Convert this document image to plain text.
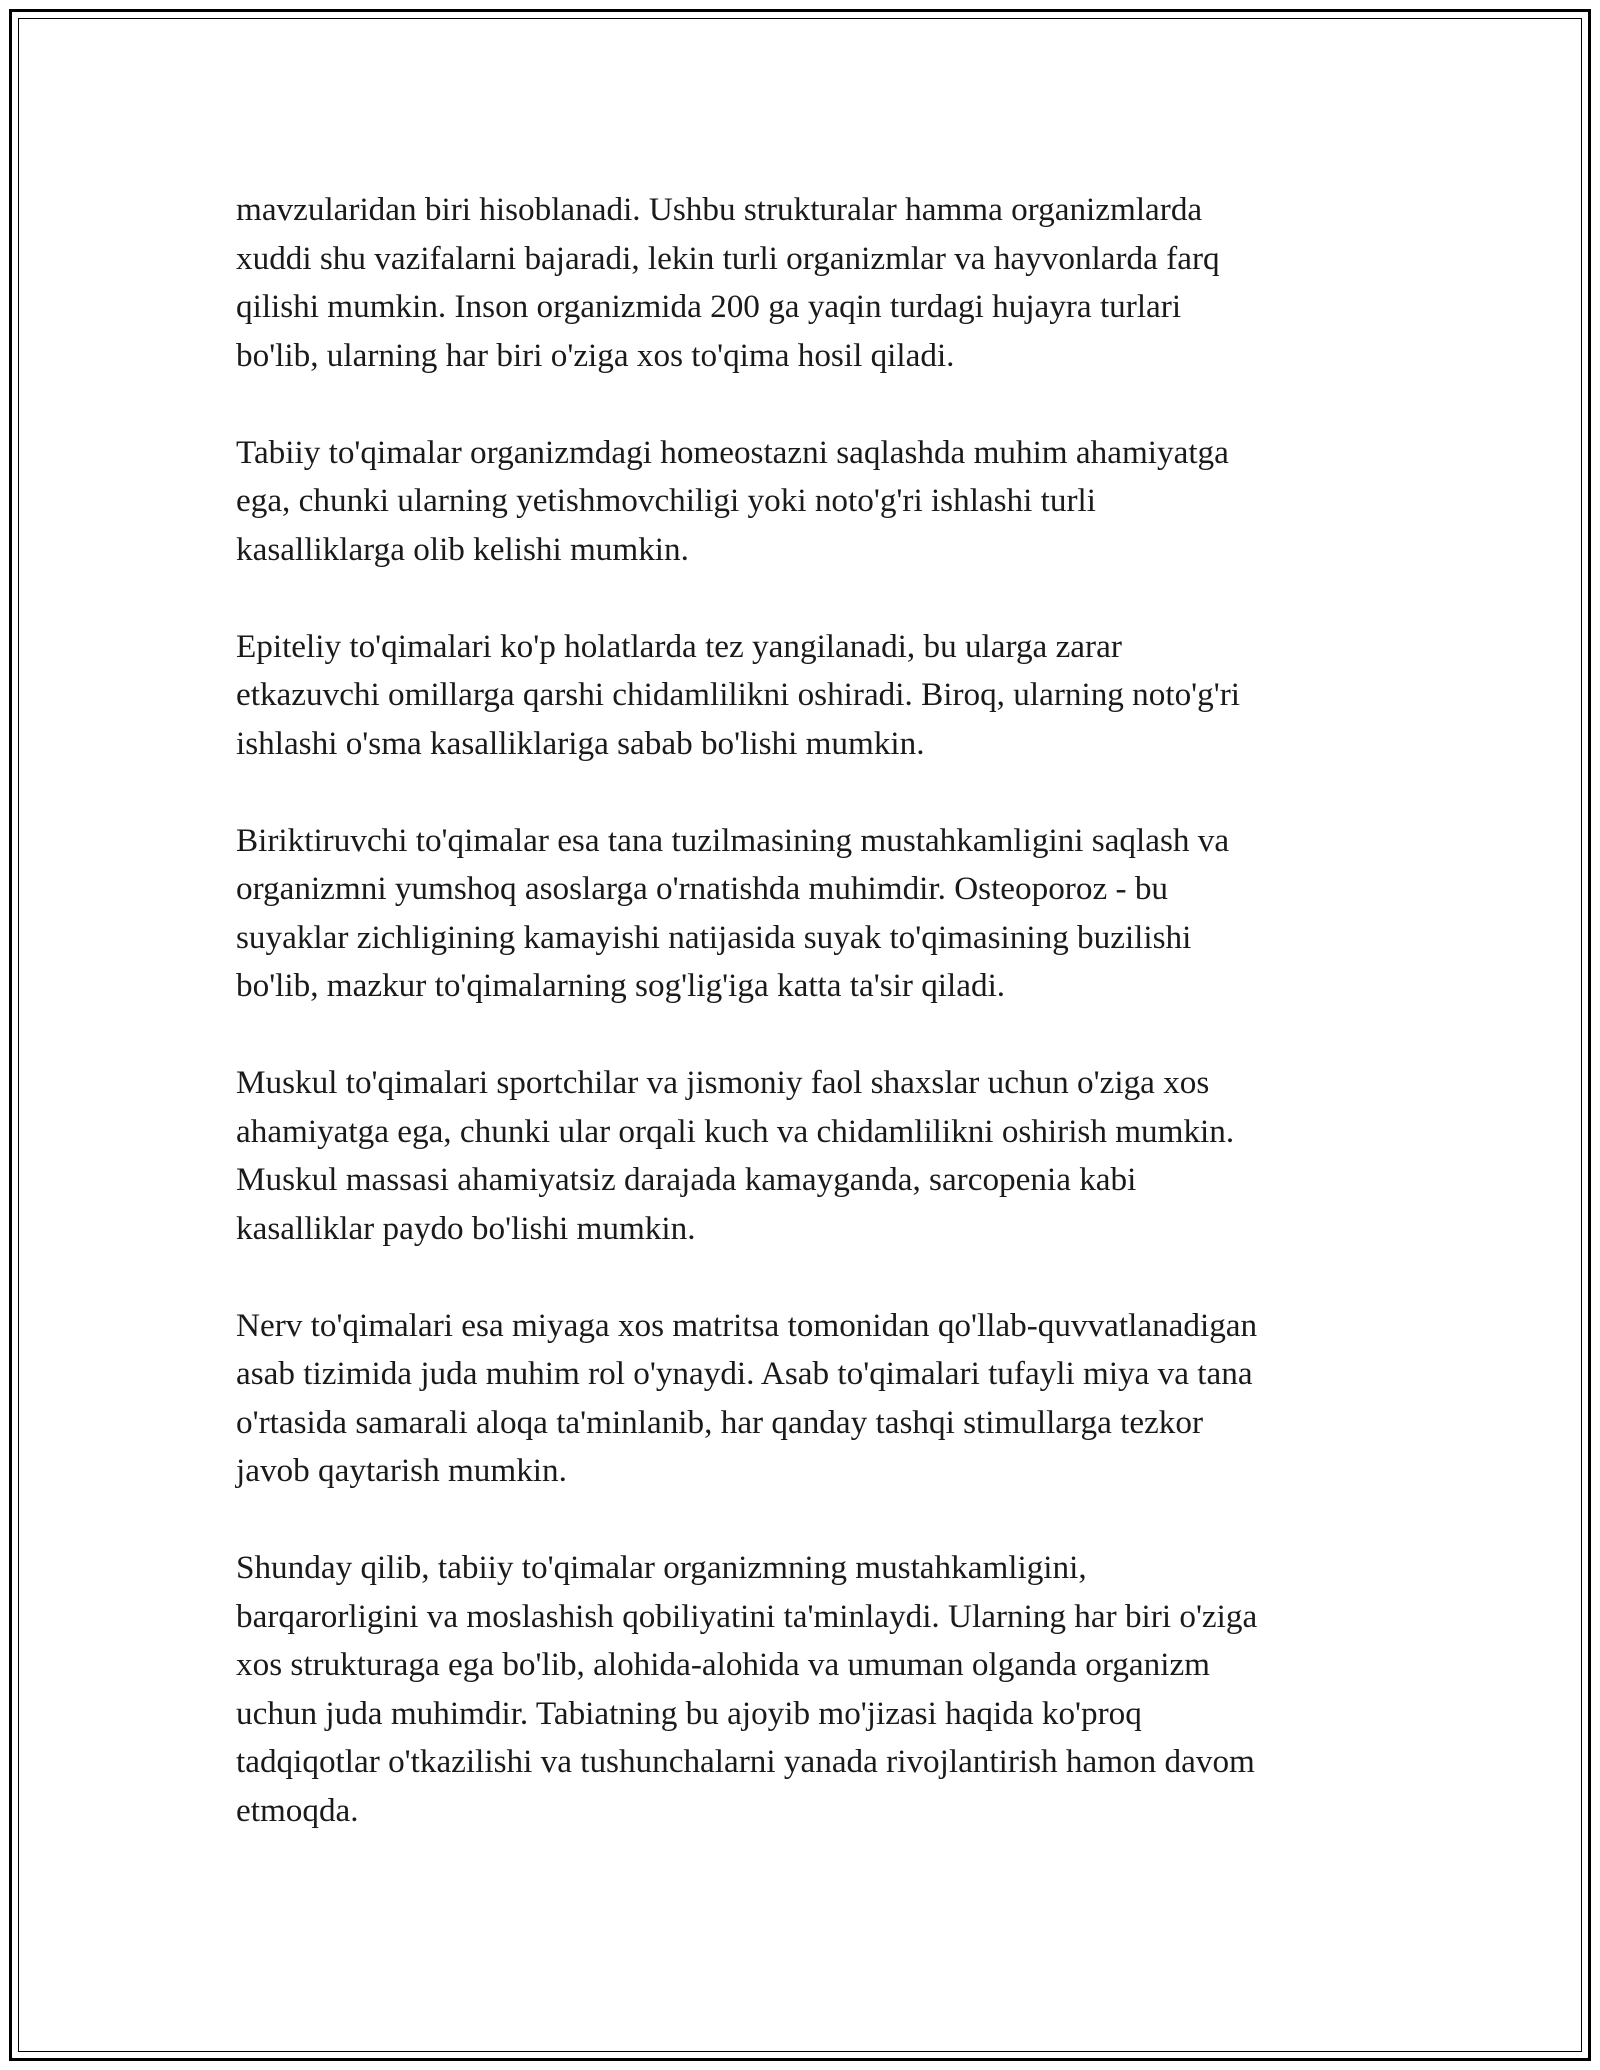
mavzularidan biri hisoblanadi. Ushbu strukturalar hamma organizmlarda
xuddi shu vazifalarni bajaradi, lekin turli organizmlar va hayvonlarda farq
qilishi mumkin. Inson organizmida 200 ga yaqin turdagi hujayra turlari
bo'lib, ularning har biri o'ziga xos to'qima hosil qiladi.

Tabiiy to'qimalar organizmdagi homeostazni saqlashda muhim ahamiyatga
ega, chunki ularning yetishmovchiligi yoki noto'g'ri ishlashi turli
kasalliklarga olib kelishi mumkin.

Epiteliy to'qimalari ko'p holatlarda tez yangilanadi, bu ularga zarar
etkazuvchi omillarga qarshi chidamlilikni oshiradi. Biroq, ularning noto'g'ri
ishlashi o'sma kasalliklariga sabab bo'lishi mumkin.

Biriktiruvchi to'qimalar esa tana tuzilmasining mustahkamligini saqlash va
organizmni yumshoq asoslarga o'rnatishda muhimdir. Osteoporoz - bu
suyaklar zichligining kamayishi natijasida suyak to'qimasining buzilishi
bo'lib, mazkur to'qimalarning sog'lig'iga katta ta'sir qiladi.

Muskul to'qimalari sportchilar va jismoniy faol shaxslar uchun o'ziga xos
ahamiyatga ega, chunki ular orqali kuch va chidamlilikni oshirish mumkin.
Muskul massasi ahamiyatsiz darajada kamayganda, sarcopenia kabi
kasalliklar paydo bo'lishi mumkin.

Nerv to'qimalari esa miyaga xos matritsa tomonidan qo'llab-quvvatlanadigan
asab tizimida juda muhim rol o'ynaydi. Asab to'qimalari tufayli miya va tana
o'rtasida samarali aloqa ta'minlanib, har qanday tashqi stimullarga tezkor
javob qaytarish mumkin.

Shunday qilib, tabiiy to'qimalar organizmning mustahkamligini,
barqarorligini va moslashish qobiliyatini ta'minlaydi. Ularning har biri o'ziga
xos strukturaga ega bo'lib, alohida-alohida va umuman olganda organizm
uchun juda muhimdir. Tabiatning bu ajoyib mo'jizasi haqida ko'proq
tadqiqotlar o'tkazilishi va tushunchalarni yanada rivojlantirish hamon davom
etmoqda.
